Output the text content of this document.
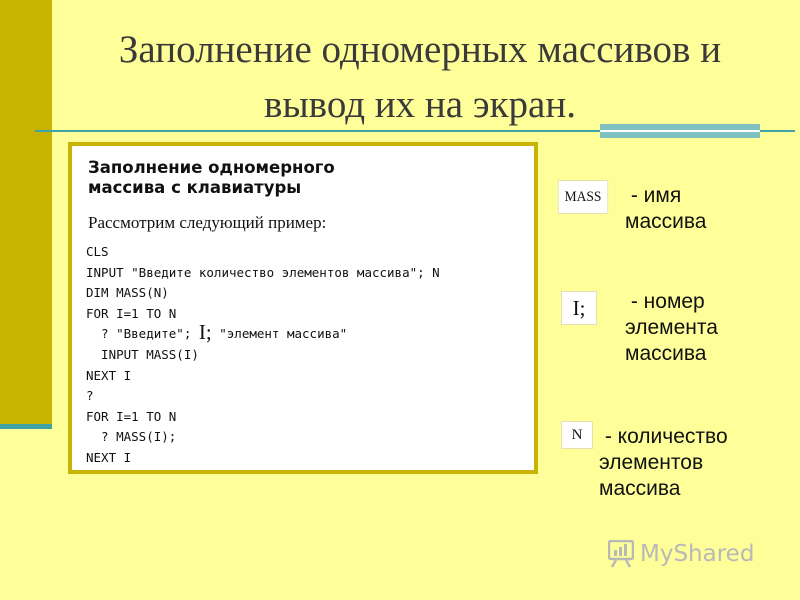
Заполнение одномерных массивов и
вывод их на экран.
Заполнение одномерного
массива с клавиатуры
Рассмотрим следующий пример:
CLS
INPUT "Введите количество элементов массива"; N
DIM MASS(N)
FOR I=1 TO N
? "Введите"; I; "элемент массива"
INPUT MASS(I)
NEXT I
?
FOR I=1 TO N
? MASS(I);
NEXT I
MASS	- имя
массива
I;	- номер
элемента
массива
N - количество
элементов
массива
MyShared
